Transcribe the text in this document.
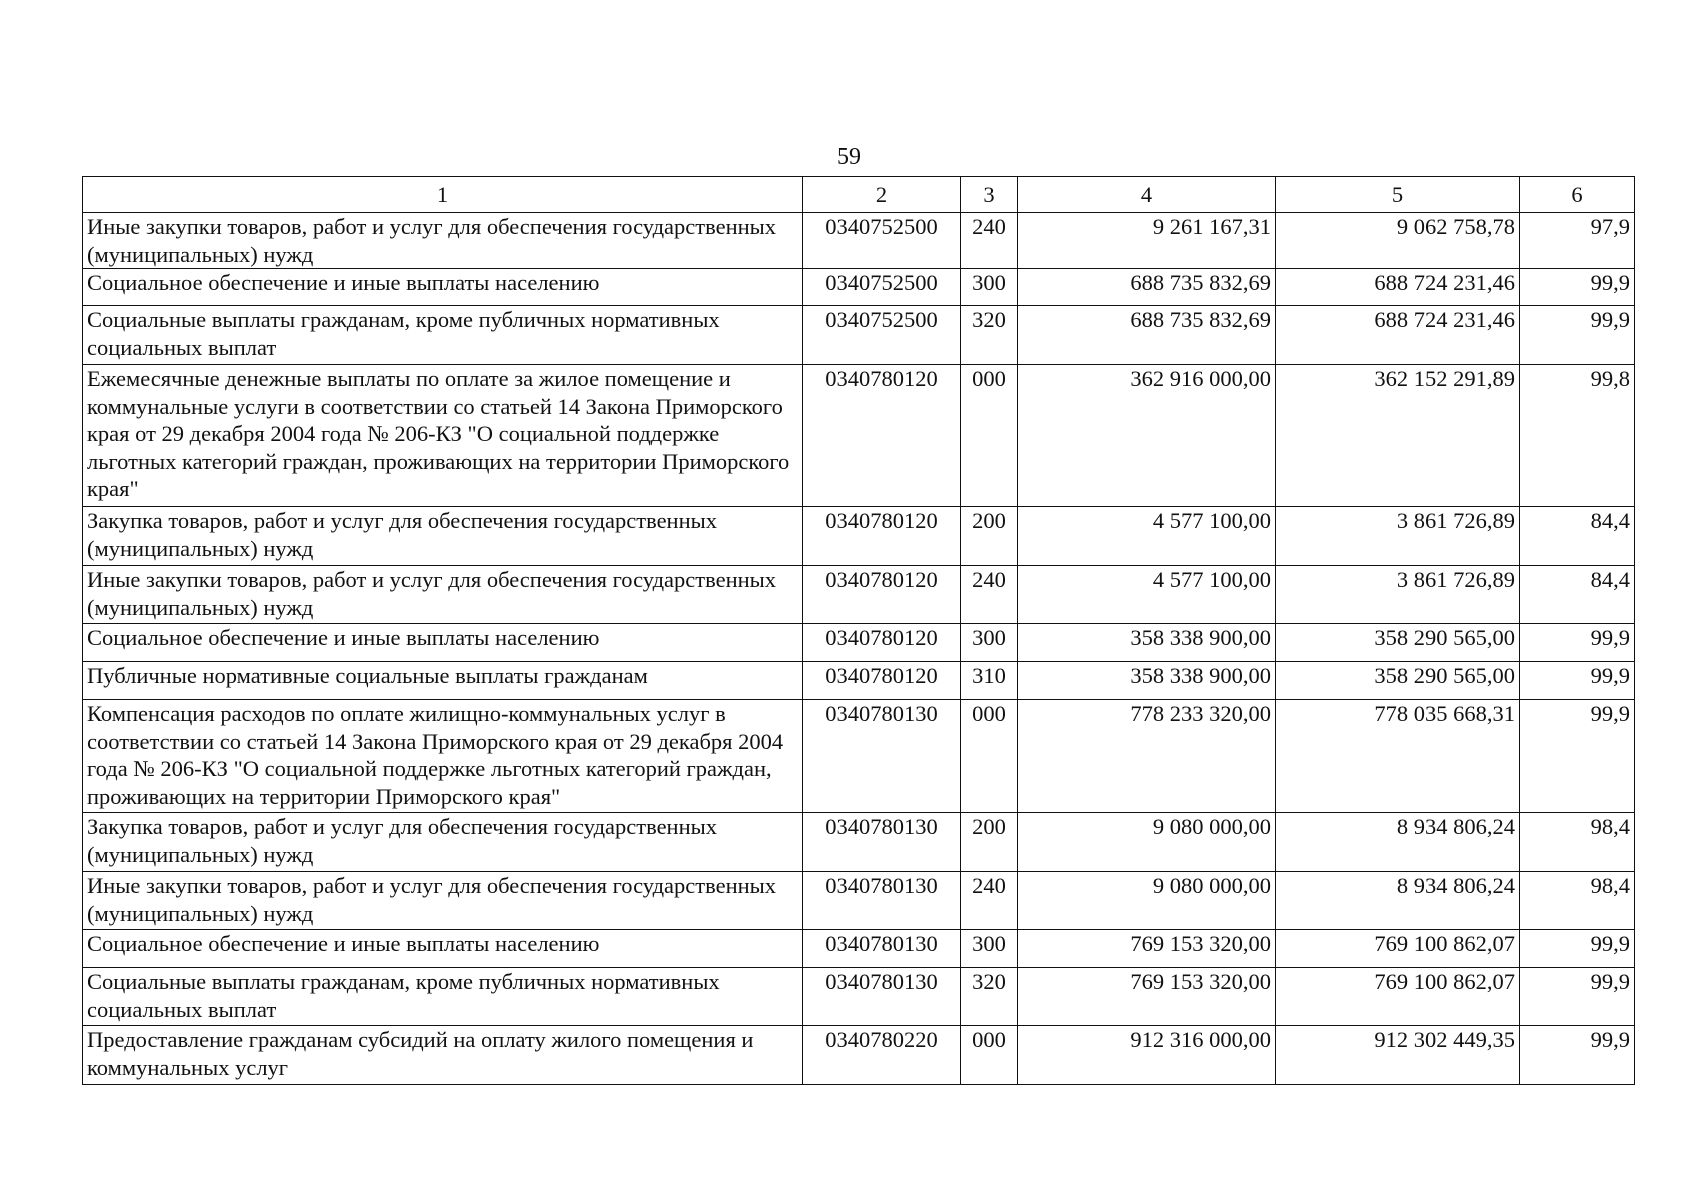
59
1	2	3	4	5	6
Иные закупки товаров, работ и услуг для обеспечения государственных (муниципальных) нужд	0340752500	240	9 261 167,31	9 062 758,78	97,9
Социальное обеспечение и иные выплаты населению	0340752500	300	688 735 832,69	688 724 231,46	99,9
Социальные выплаты гражданам, кроме публичных нормативных социальных выплат	0340752500	320	688 735 832,69	688 724 231,46	99,9
Ежемесячные денежные выплаты по оплате за жилое помещение и коммунальные услуги в соответствии со статьей 14 Закона Приморского края от 29 декабря 2004 года № 206-КЗ "О социальной поддержке льготных категорий граждан, проживающих на территории Приморского края"	0340780120	000	362 916 000,00	362 152 291,89	99,8
Закупка товаров, работ и услуг для обеспечения государственных (муниципальных) нужд	0340780120	200	4 577 100,00	3 861 726,89	84,4
Иные закупки товаров, работ и услуг для обеспечения государственных (муниципальных) нужд	0340780120	240	4 577 100,00	3 861 726,89	84,4
Социальное обеспечение и иные выплаты населению	0340780120	300	358 338 900,00	358 290 565,00	99,9
Публичные нормативные социальные выплаты гражданам	0340780120	310	358 338 900,00	358 290 565,00	99,9
Компенсация расходов по оплате жилищно-коммунальных услуг в соответствии со статьей 14 Закона Приморского края от 29 декабря 2004 года № 206-КЗ "О социальной поддержке льготных категорий граждан, проживающих на территории Приморского края"	0340780130	000	778 233 320,00	778 035 668,31	99,9
Закупка товаров, работ и услуг для обеспечения государственных (муниципальных) нужд	0340780130	200	9 080 000,00	8 934 806,24	98,4
Иные закупки товаров, работ и услуг для обеспечения государственных (муниципальных) нужд	0340780130	240	9 080 000,00	8 934 806,24	98,4
Социальное обеспечение и иные выплаты населению	0340780130	300	769 153 320,00	769 100 862,07	99,9
Социальные выплаты гражданам, кроме публичных нормативных социальных выплат	0340780130	320	769 153 320,00	769 100 862,07	99,9
Предоставление гражданам субсидий на оплату жилого помещения и коммунальных услуг	0340780220	000	912 316 000,00	912 302 449,35	99,9
